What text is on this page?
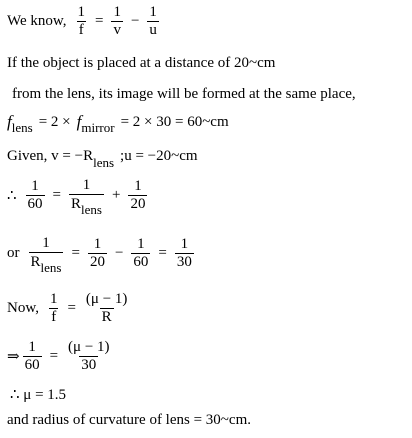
We know, $\frac{1}{f} = \frac{1}{v} - \frac{1}{u}$
If the object is placed at a distance of 20~cm
from the lens, its image will be formed at the same place,
f lens = 2 × f mirror = 2 × 30 = 60~cm
Given, v = −R lens ;u = −20~cm
∴ $\frac{1}{60} = \frac{1}{\text{Rlens}} + \frac{1}{20}$
or $\frac{1}{\text{Rlens}} = \frac{1}{20} - \frac{1}{60} = \frac{1}{30}$
Now, $\frac{1}{f} = \frac{(\mu - 1)}{R}$
⇒ $\frac{1}{60} = \frac{(\mu - 1)}{30}$
∴ μ = 1.5
and radius of curvature of lens = 30~cm.
